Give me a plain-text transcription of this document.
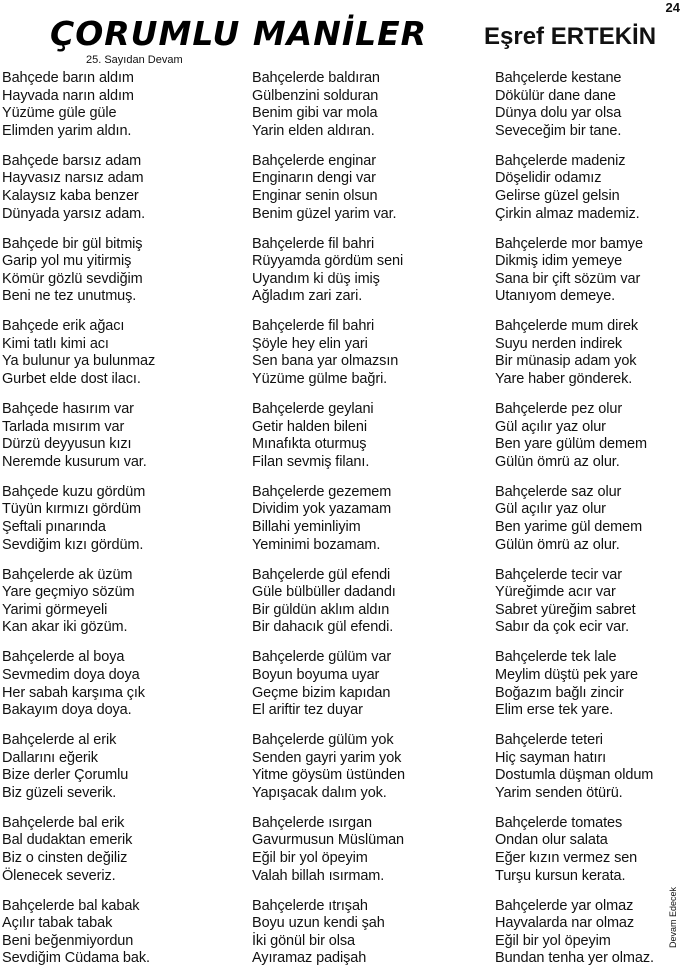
24
ÇORUMLU MANİLER Eşref ERTEKİN
25. Sayıdan Devam
Bahçede barın aldım
Hayvada narın aldım
Yüzüme güle güle
Elimden yarim aldın.
Bahçede barsız adam
Hayvasız narsız adam
Kalaysız kaba benzer
Dünyada yarsız adam.
Bahçede bir gül bitmiş
Garip yol mu yitirmiş
Kömür gözlü sevdiğim
Beni ne tez unutmuş.
Bahçede erik ağacı
Kimi tatlı kimi acı
Ya bulunur ya bulunmaz
Gurbet elde dost ilacı.
Bahçede hasırım var
Tarlada mısırım var
Dürzü deyyusun kızı
Neremde kusurum var.
Bahçede kuzu gördüm
Tüyün kırmızı gördüm
Şeftali pınarında
Sevdiğim kızı gördüm.
Bahçelerde ak üzüm
Yare geçmiyo sözüm
Yarimi görmeyeli
Kan akar iki gözüm.
Bahçelerde al boya
Sevmedim doya doya
Her sabah karşıma çık
Bakayım doya doya.
Bahçelerde al erik
Dallarını eğerik
Bize derler Çorumlu
Biz güzeli severik.
Bahçelerde bal erik
Bal dudaktan emerik
Biz o cinsten değiliz
Ölenecek severiz.
Bahçelerde bal kabak
Açılır tabak tabak
Beni beğenmiyordun
Sevdiğim Cüdama bak.
Bahçelerde baldıran
Gülbenzini solduran
Benim gibi var mola
Yarin elden aldıran.
Bahçelerde enginar
Enginarın dengi var
Enginar senin olsun
Benim güzel yarim var.
Bahçelerde fil bahri
Rüyyamda gördüm seni
Uyandım ki düş imiş
Ağladım zari zari.
Bahçelerde fil bahri
Şöyle hey elin yari
Sen bana yar olmazsın
Yüzüme gülme bağri.
Bahçelerde geylani
Getir halden bileni
Mınafıkta oturmuş
Filan sevmiş filanı.
Bahçelerde gezemem
Dividim yok yazamam
Billahi yeminliyim
Yeminimi bozamam.
Bahçelerde gül efendi
Güle bülbüller dadandı
Bir güldün aklım aldın
Bir dahacık gül efendi.
Bahçelerde gülüm var
Boyun boyuma uyar
Geçme bizim kapıdan
El ariftir tez duyar
Bahçelerde gülüm yok
Senden gayri yarim yok
Yitme göysüm üstünden
Yapışacak dalım yok.
Bahçelerde ısırgan
Gavurmusun Müslüman
Eğil bir yol öpeyim
Valah billah ısırmam.
Bahçelerde ıtrışah
Boyu uzun kendi şah
İki gönül bir olsa
Ayıramaz padişah
Bahçelerde kestane
Dökülür dane dane
Dünya dolu yar olsa
Seveceğim bir tane.
Bahçelerde madeniz
Döşelidir odamız
Gelirse güzel gelsin
Çirkin almaz mademiz.
Bahçelerde mor bamye
Dikmiş idim yemeye
Sana bir çift sözüm var
Utanıyom demeye.
Bahçelerde mum direk
Suyu nerden indirek
Bir münasip adam yok
Yare haber gönderek.
Bahçelerde pez olur
Gül açılır yaz olur
Ben yare gülüm demem
Gülün ömrü az olur.
Bahçelerde saz olur
Gül açılır yaz olur
Ben yarime gül demem
Gülün ömrü az olur.
Bahçelerde tecir var
Yüreğimde acır var
Sabret yüreğim sabret
Sabır da çok ecir var.
Bahçelerde tek lale
Meylim düştü pek yare
Boğazım bağlı zincir
Elim erse tek yare.
Bahçelerde teteri
Hiç sayman hatırı
Dostumla düşman oldum
Yarim senden ötürü.
Bahçelerde tomates
Ondan olur salata
Eğer kızın vermez sen
Turşu kursun kerata.
Bahçelerde yar olmaz
Hayvalarda nar olmaz
Eğil bir yol öpeyim
Bundan tenha yer olmaz.
Devam Edecek
